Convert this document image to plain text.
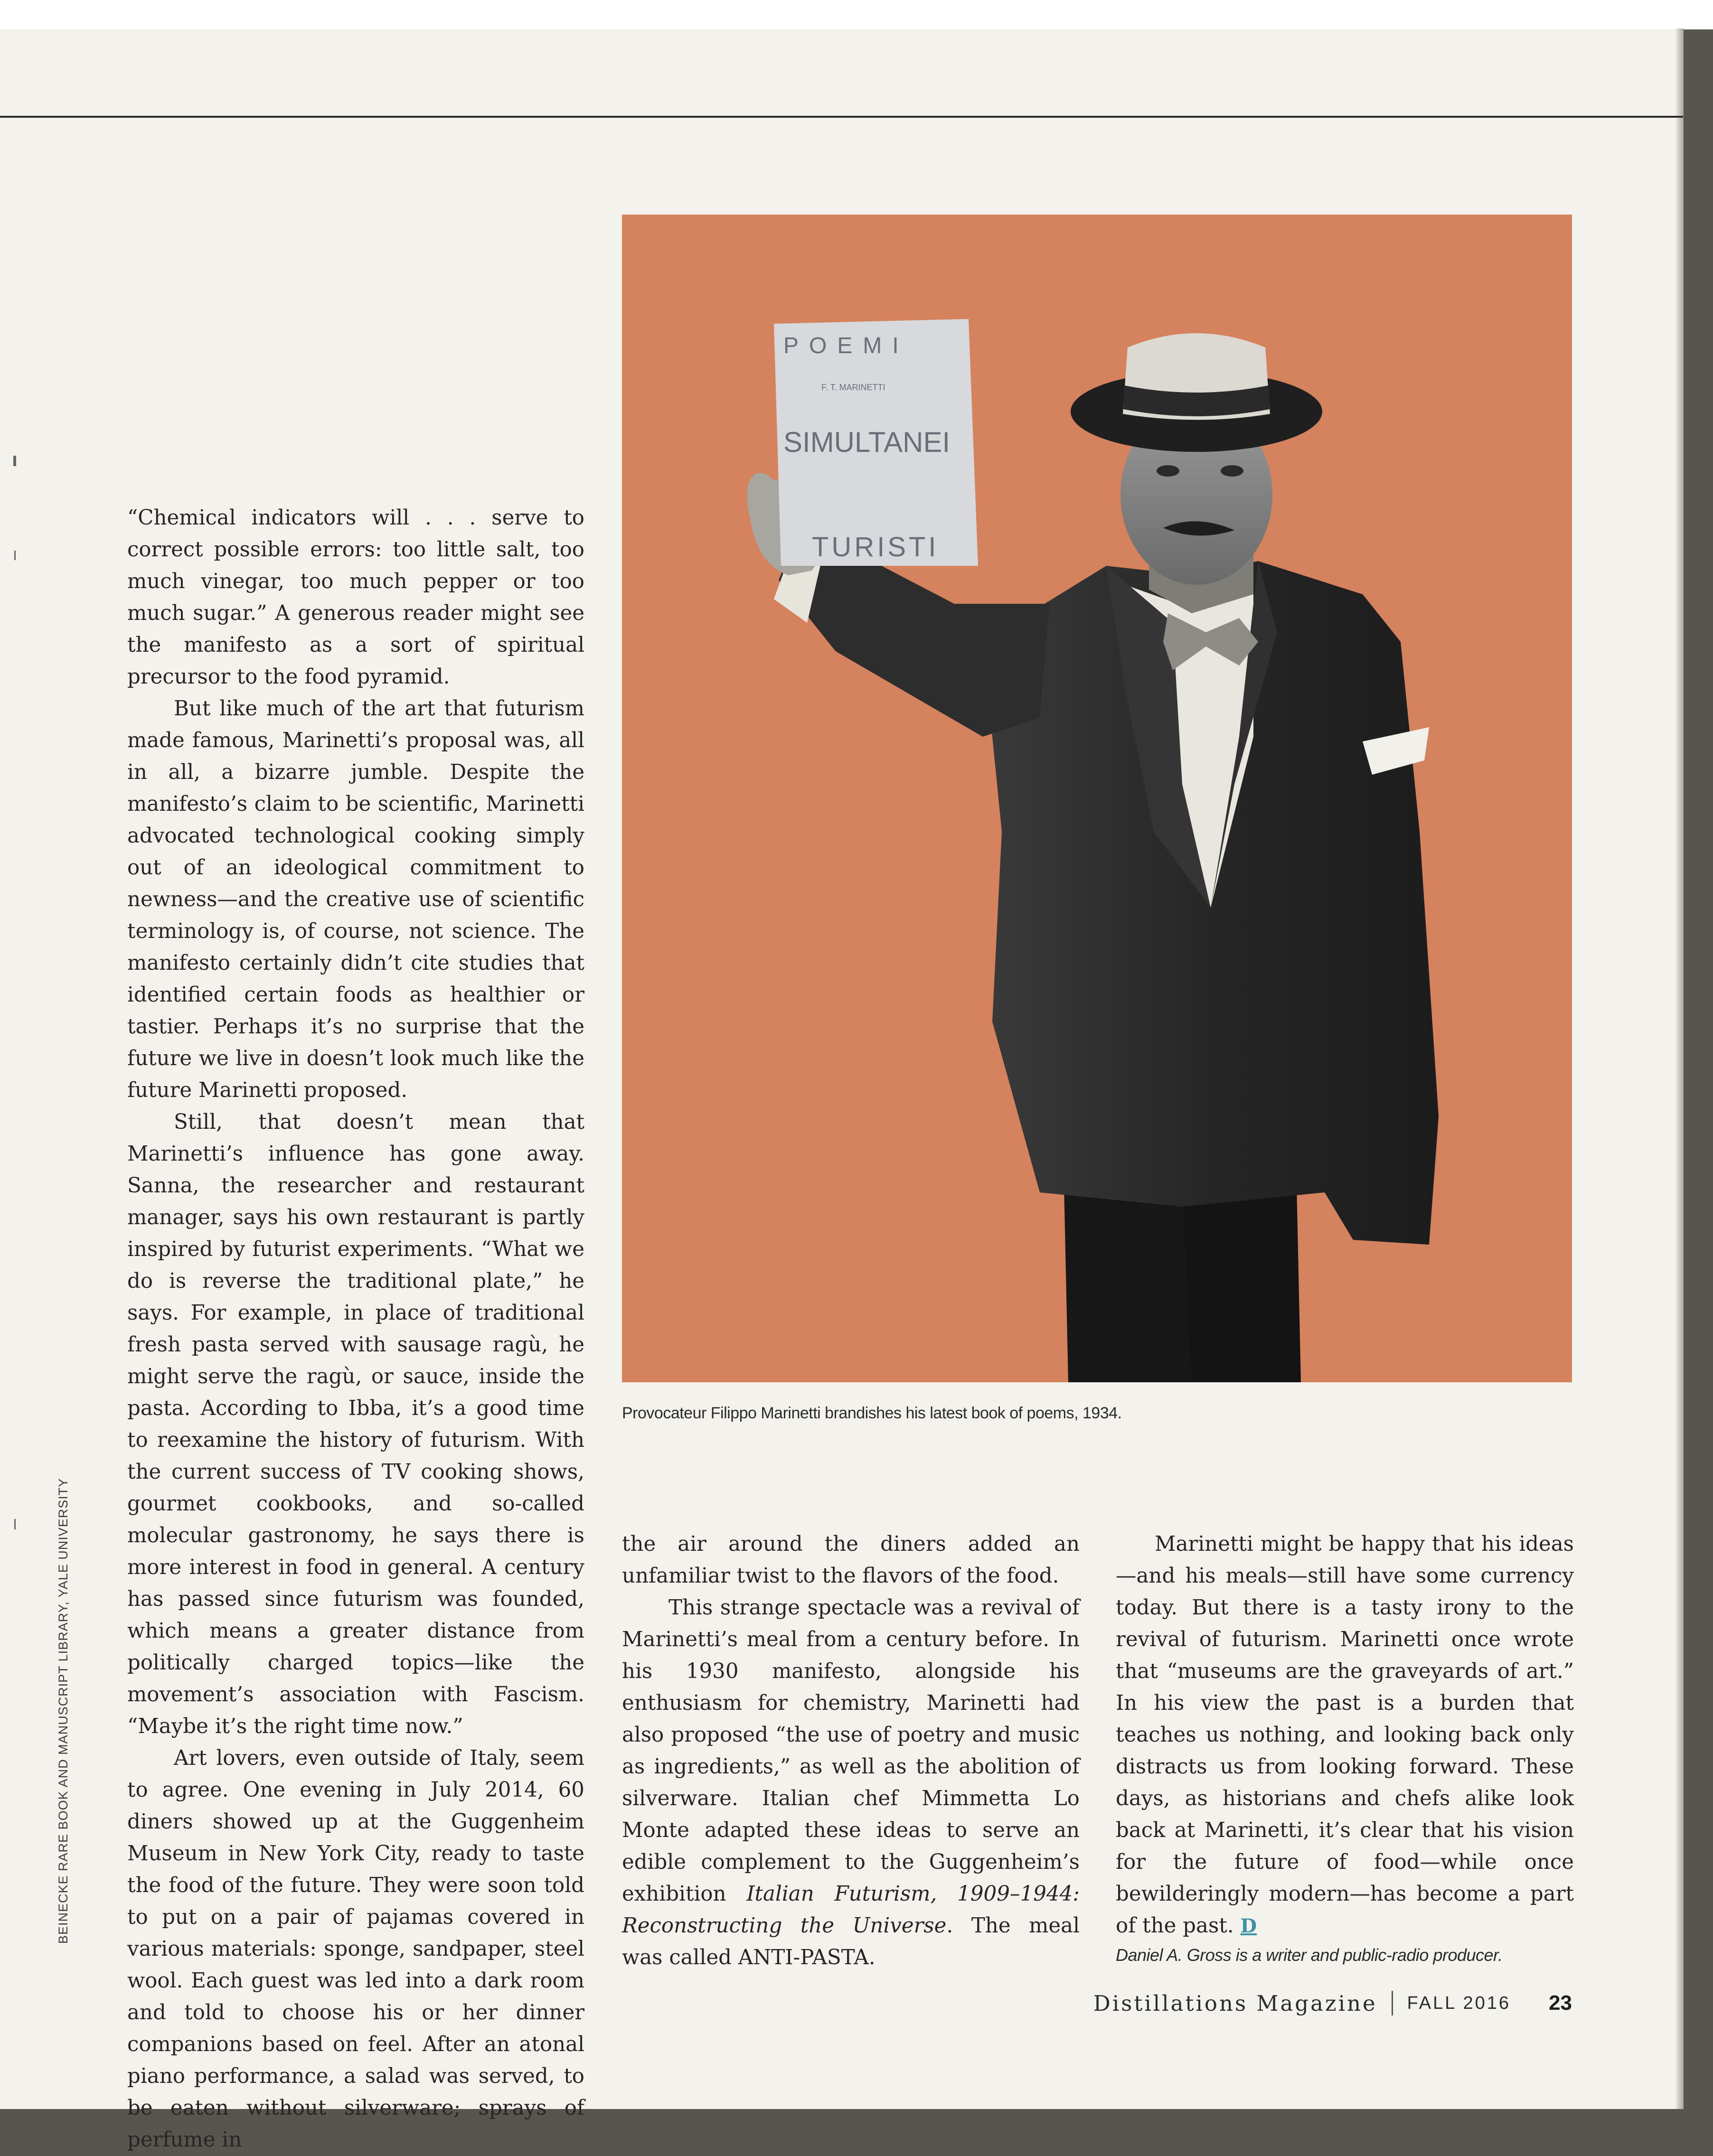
“Chemical indicators will . . . serve to correct possible errors: too little salt, too much vinegar, too much pepper or too much sugar.” A generous reader might see the manifesto as a sort of spiritual precursor to the food pyramid.

But like much of the art that futurism made famous, Marinetti’s proposal was, all in all, a bizarre jumble. Despite the manifesto’s claim to be scientific, Marinetti advocated technological cooking simply out of an ideological commitment to newness—and the creative use of scientific terminology is, of course, not science. The manifesto certainly didn’t cite studies that identified certain foods as healthier or tastier. Perhaps it’s no surprise that the future we live in doesn’t look much like the future Marinetti proposed.

Still, that doesn’t mean that Marinetti’s influence has gone away. Sanna, the researcher and restaurant manager, says his own restaurant is partly inspired by futurist experiments. “What we do is reverse the traditional plate,” he says. For example, in place of traditional fresh pasta served with sausage ragù, he might serve the ragù, or sauce, inside the pasta. According to Ibba, it’s a good time to reexamine the history of futurism. With the current success of TV cooking shows, gourmet cookbooks, and so-called molecular gastronomy, he says there is more interest in food in general. A century has passed since futurism was founded, which means a greater distance from politically charged topics—like the movement’s association with Fascism. “Maybe it’s the right time now.”

Art lovers, even outside of Italy, seem to agree. One evening in July 2014, 60 diners showed up at the Guggenheim Museum in New York City, ready to taste the food of the future. They were soon told to put on a pair of pajamas covered in various materials: sponge, sandpaper, steel wool. Each guest was led into a dark room and told to choose his or her dinner companions based on feel. After an atonal piano performance, a salad was served, to be eaten without silverware; sprays of perfume in

POEMI
F. T. MARINETTI
SIMULTANEI
TURISTI
Provocateur Filippo Marinetti brandishes his latest book of poems, 1934.

the air around the diners added an unfamiliar twist to the flavors of the food.

This strange spectacle was a revival of Marinetti’s meal from a century before. In his 1930 manifesto, alongside his enthusiasm for chemistry, Marinetti had also proposed “the use of poetry and music as ingredients,” as well as the abolition of silverware. Italian chef Mimmetta Lo Monte adapted these ideas to serve an edible complement to the Guggenheim’s exhibition Italian Futurism, 1909–1944: Reconstructing the Universe. The meal was called ANTI-PASTA.

Marinetti might be happy that his ideas—and his meals—still have some currency today. But there is a tasty irony to the revival of futurism. Marinetti once wrote that “museums are the graveyards of art.” In his view the past is a burden that teaches us nothing, and looking back only distracts us from looking forward. These days, as historians and chefs alike look back at Marinetti, it’s clear that his vision for the future of food—while once bewilderingly modern—has become a part of the past. D

Daniel A. Gross is a writer and public-radio producer.

BEINECKE RARE BOOK AND MANUSCRIPT LIBRARY, YALE UNIVERSITY
Distillations Magazine FALL 2016 23
